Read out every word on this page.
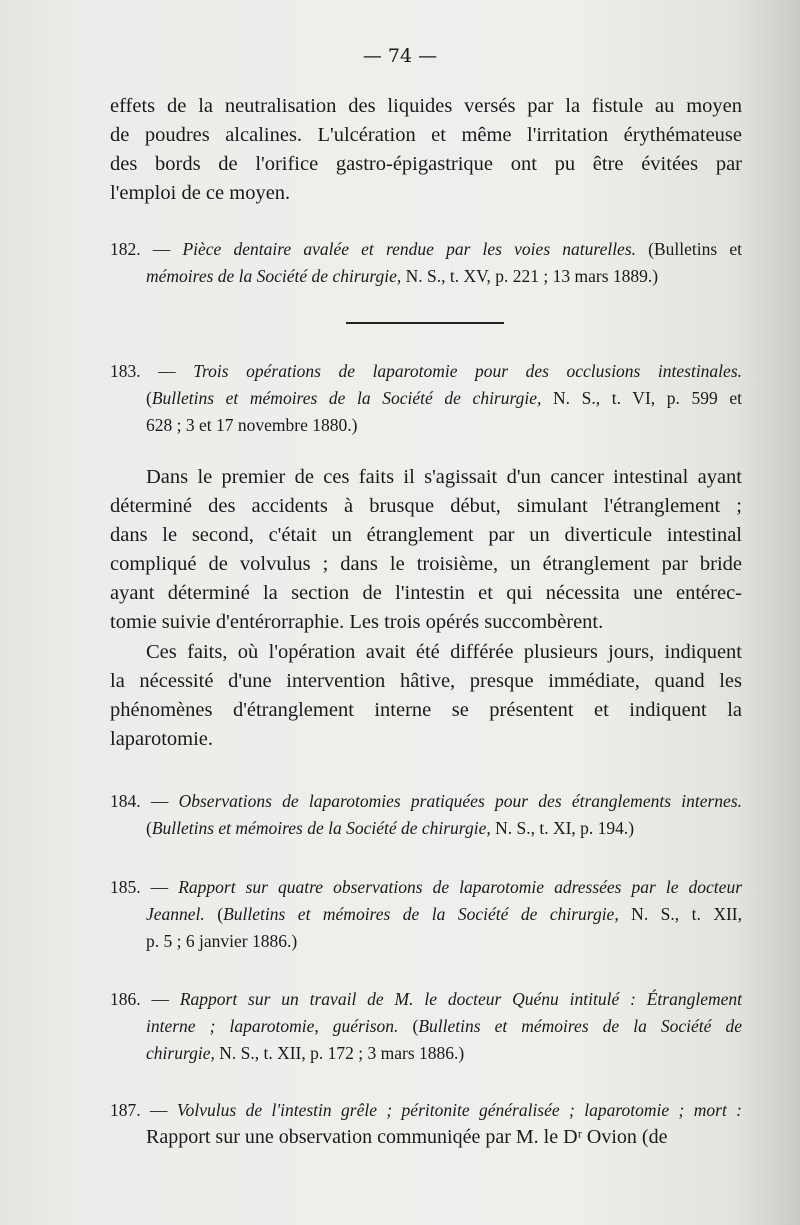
— 74 —
effets de la neutralisation des liquides versés par la fistule au moyen
de poudres alcalines. L'ulcération et même l'irritation érythémateuse
des bords de l'orifice gastro-épigastrique ont pu être évitées par
l'emploi de ce moyen.
182. — Pièce dentaire avalée et rendue par les voies naturelles. (Bulletins et
mémoires de la Société de chirurgie, N. S., t. XV, p. 221 ; 13 mars 1889.)
183. — Trois opérations de laparotomie pour des occlusions intestinales.
(Bulletins et mémoires de la Société de chirurgie, N. S., t. VI, p. 599 et
628 ; 3 et 17 novembre 1880.)
Dans le premier de ces faits il s'agissait d'un cancer intestinal ayant
déterminé des accidents à brusque début, simulant l'étranglement ;
dans le second, c'était un étranglement par un diverticule intestinal
compliqué de volvulus ; dans le troisième, un étranglement par bride
ayant déterminé la section de l'intestin et qui nécessita une entérec-
tomie suivie d'entérorraphie. Les trois opérés succombèrent.
Ces faits, où l'opération avait été différée plusieurs jours, indiquent
la nécessité d'une intervention hâtive, presque immédiate, quand les
phénomènes d'étranglement interne se présentent et indiquent la
laparotomie.
184. — Observations de laparotomies pratiquées pour des étranglements internes.
(Bulletins et mémoires de la Société de chirurgie, N. S., t. XI, p. 194.)
185. — Rapport sur quatre observations de laparotomie adressées par le docteur
Jeannel. (Bulletins et mémoires de la Société de chirurgie, N. S., t. XII,
p. 5 ; 6 janvier 1886.)
186. — Rapport sur un travail de M. le docteur Quénu intitulé : Étranglement
interne ; laparotomie, guérison. (Bulletins et mémoires de la Société de
chirurgie, N. S., t. XII, p. 172 ; 3 mars 1886.)
187. — Volvulus de l'intestin grêle ; péritonite généralisée ; laparotomie ; mort :
Rapport sur une observation communiqée par M. le Dʳ Ovion (de
